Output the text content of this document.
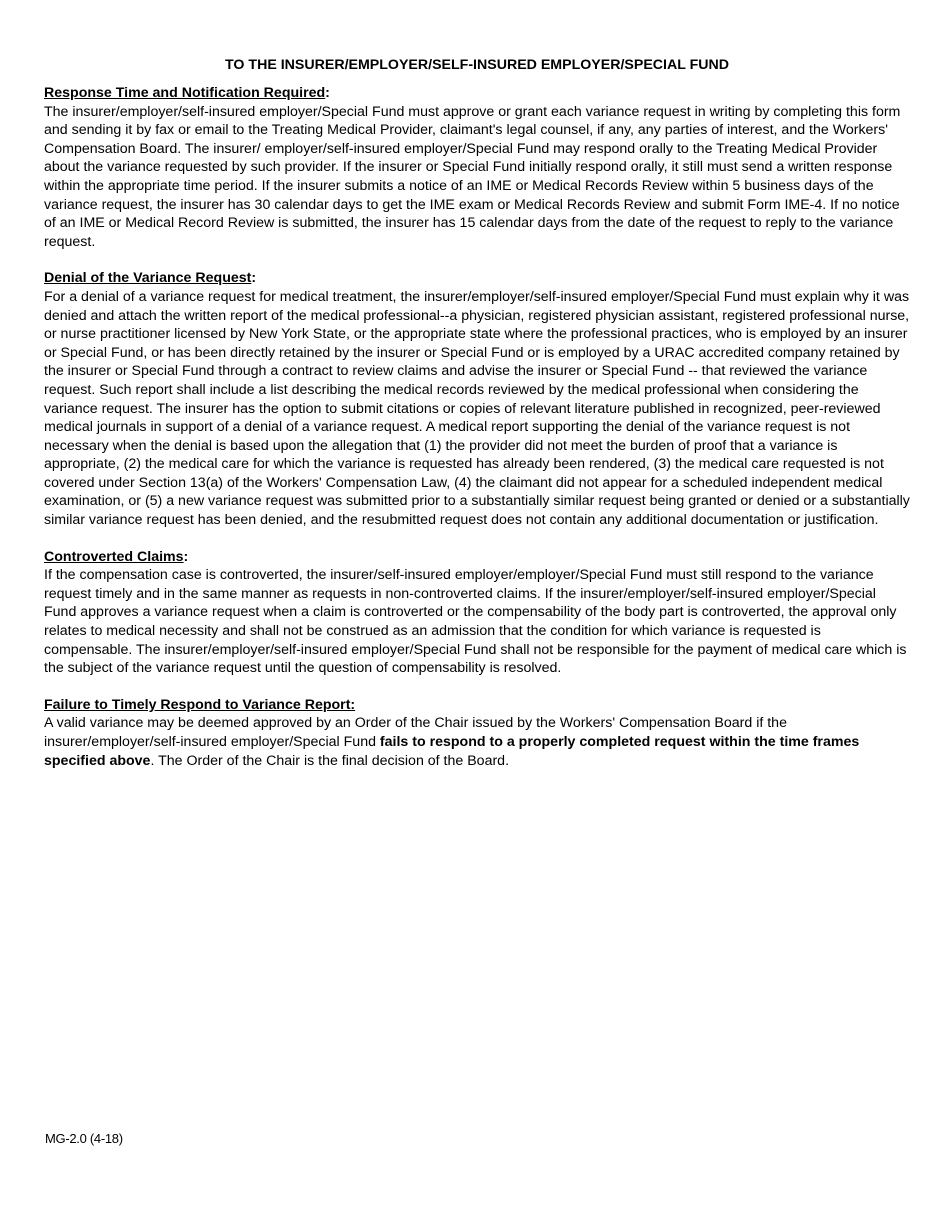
TO THE INSURER/EMPLOYER/SELF-INSURED EMPLOYER/SPECIAL FUND

Response Time and Notification Required:

The insurer/employer/self-insured employer/Special Fund must approve or grant each variance request in writing by completing this form and sending it by fax or email to the Treating Medical Provider, claimant's legal counsel, if any, any parties of interest, and the Workers' Compensation Board. The insurer/ employer/self-insured employer/Special Fund may respond orally to the Treating Medical Provider about the variance requested by such provider. If the insurer or Special Fund initially respond orally, it still must send a written response within the appropriate time period. If the insurer submits a notice of an IME or Medical Records Review within 5 business days of the variance request, the insurer has 30 calendar days to get the IME exam or Medical Records Review and submit Form IME-4. If no notice of an IME or Medical Record Review is submitted, the insurer has 15 calendar days from the date of the request to reply to the variance request.

Denial of the Variance Request:

For a denial of a variance request for medical treatment, the insurer/employer/self-insured employer/Special Fund must explain why it was denied and attach the written report of the medical professional--a physician, registered physician assistant, registered professional nurse, or nurse practitioner licensed by New York State, or the appropriate state where the professional practices, who is employed by an insurer or Special Fund, or has been directly retained by the insurer or Special Fund or is employed by a URAC accredited company retained by the insurer or Special Fund through a contract to review claims and advise the insurer or Special Fund -- that reviewed the variance request. Such report shall include a list describing the medical records reviewed by the medical professional when considering the variance request. The insurer has the option to submit citations or copies of relevant literature published in recognized, peer-reviewed medical journals in support of a denial of a variance request. A medical report supporting the denial of the variance request is not necessary when the denial is based upon the allegation that (1) the provider did not meet the burden of proof that a variance is appropriate, (2) the medical care for which the variance is requested has already been rendered, (3) the medical care requested is not covered under Section 13(a) of the Workers' Compensation Law, (4) the claimant did not appear for a scheduled independent medical examination, or (5) a new variance request was submitted prior to a substantially similar request being granted or denied or a substantially similar variance request has been denied, and the resubmitted request does not contain any additional documentation or justification.

Controverted Claims:

If the compensation case is controverted, the insurer/self-insured employer/employer/Special Fund must still respond to the variance request timely and in the same manner as requests in non-controverted claims. If the insurer/employer/self-insured employer/Special Fund approves a variance request when a claim is controverted or the compensability of the body part is controverted, the approval only relates to medical necessity and shall not be construed as an admission that the condition for which variance is requested is compensable. The insurer/employer/self-insured employer/Special Fund shall not be responsible for the payment of medical care which is the subject of the variance request until the question of compensability is resolved.

Failure to Timely Respond to Variance Report:

A valid variance may be deemed approved by an Order of the Chair issued by the Workers' Compensation Board if the insurer/employer/self-insured employer/Special Fund fails to respond to a properly completed request within the time frames specified above. The Order of the Chair is the final decision of the Board.

MG-2.0 (4-18)
